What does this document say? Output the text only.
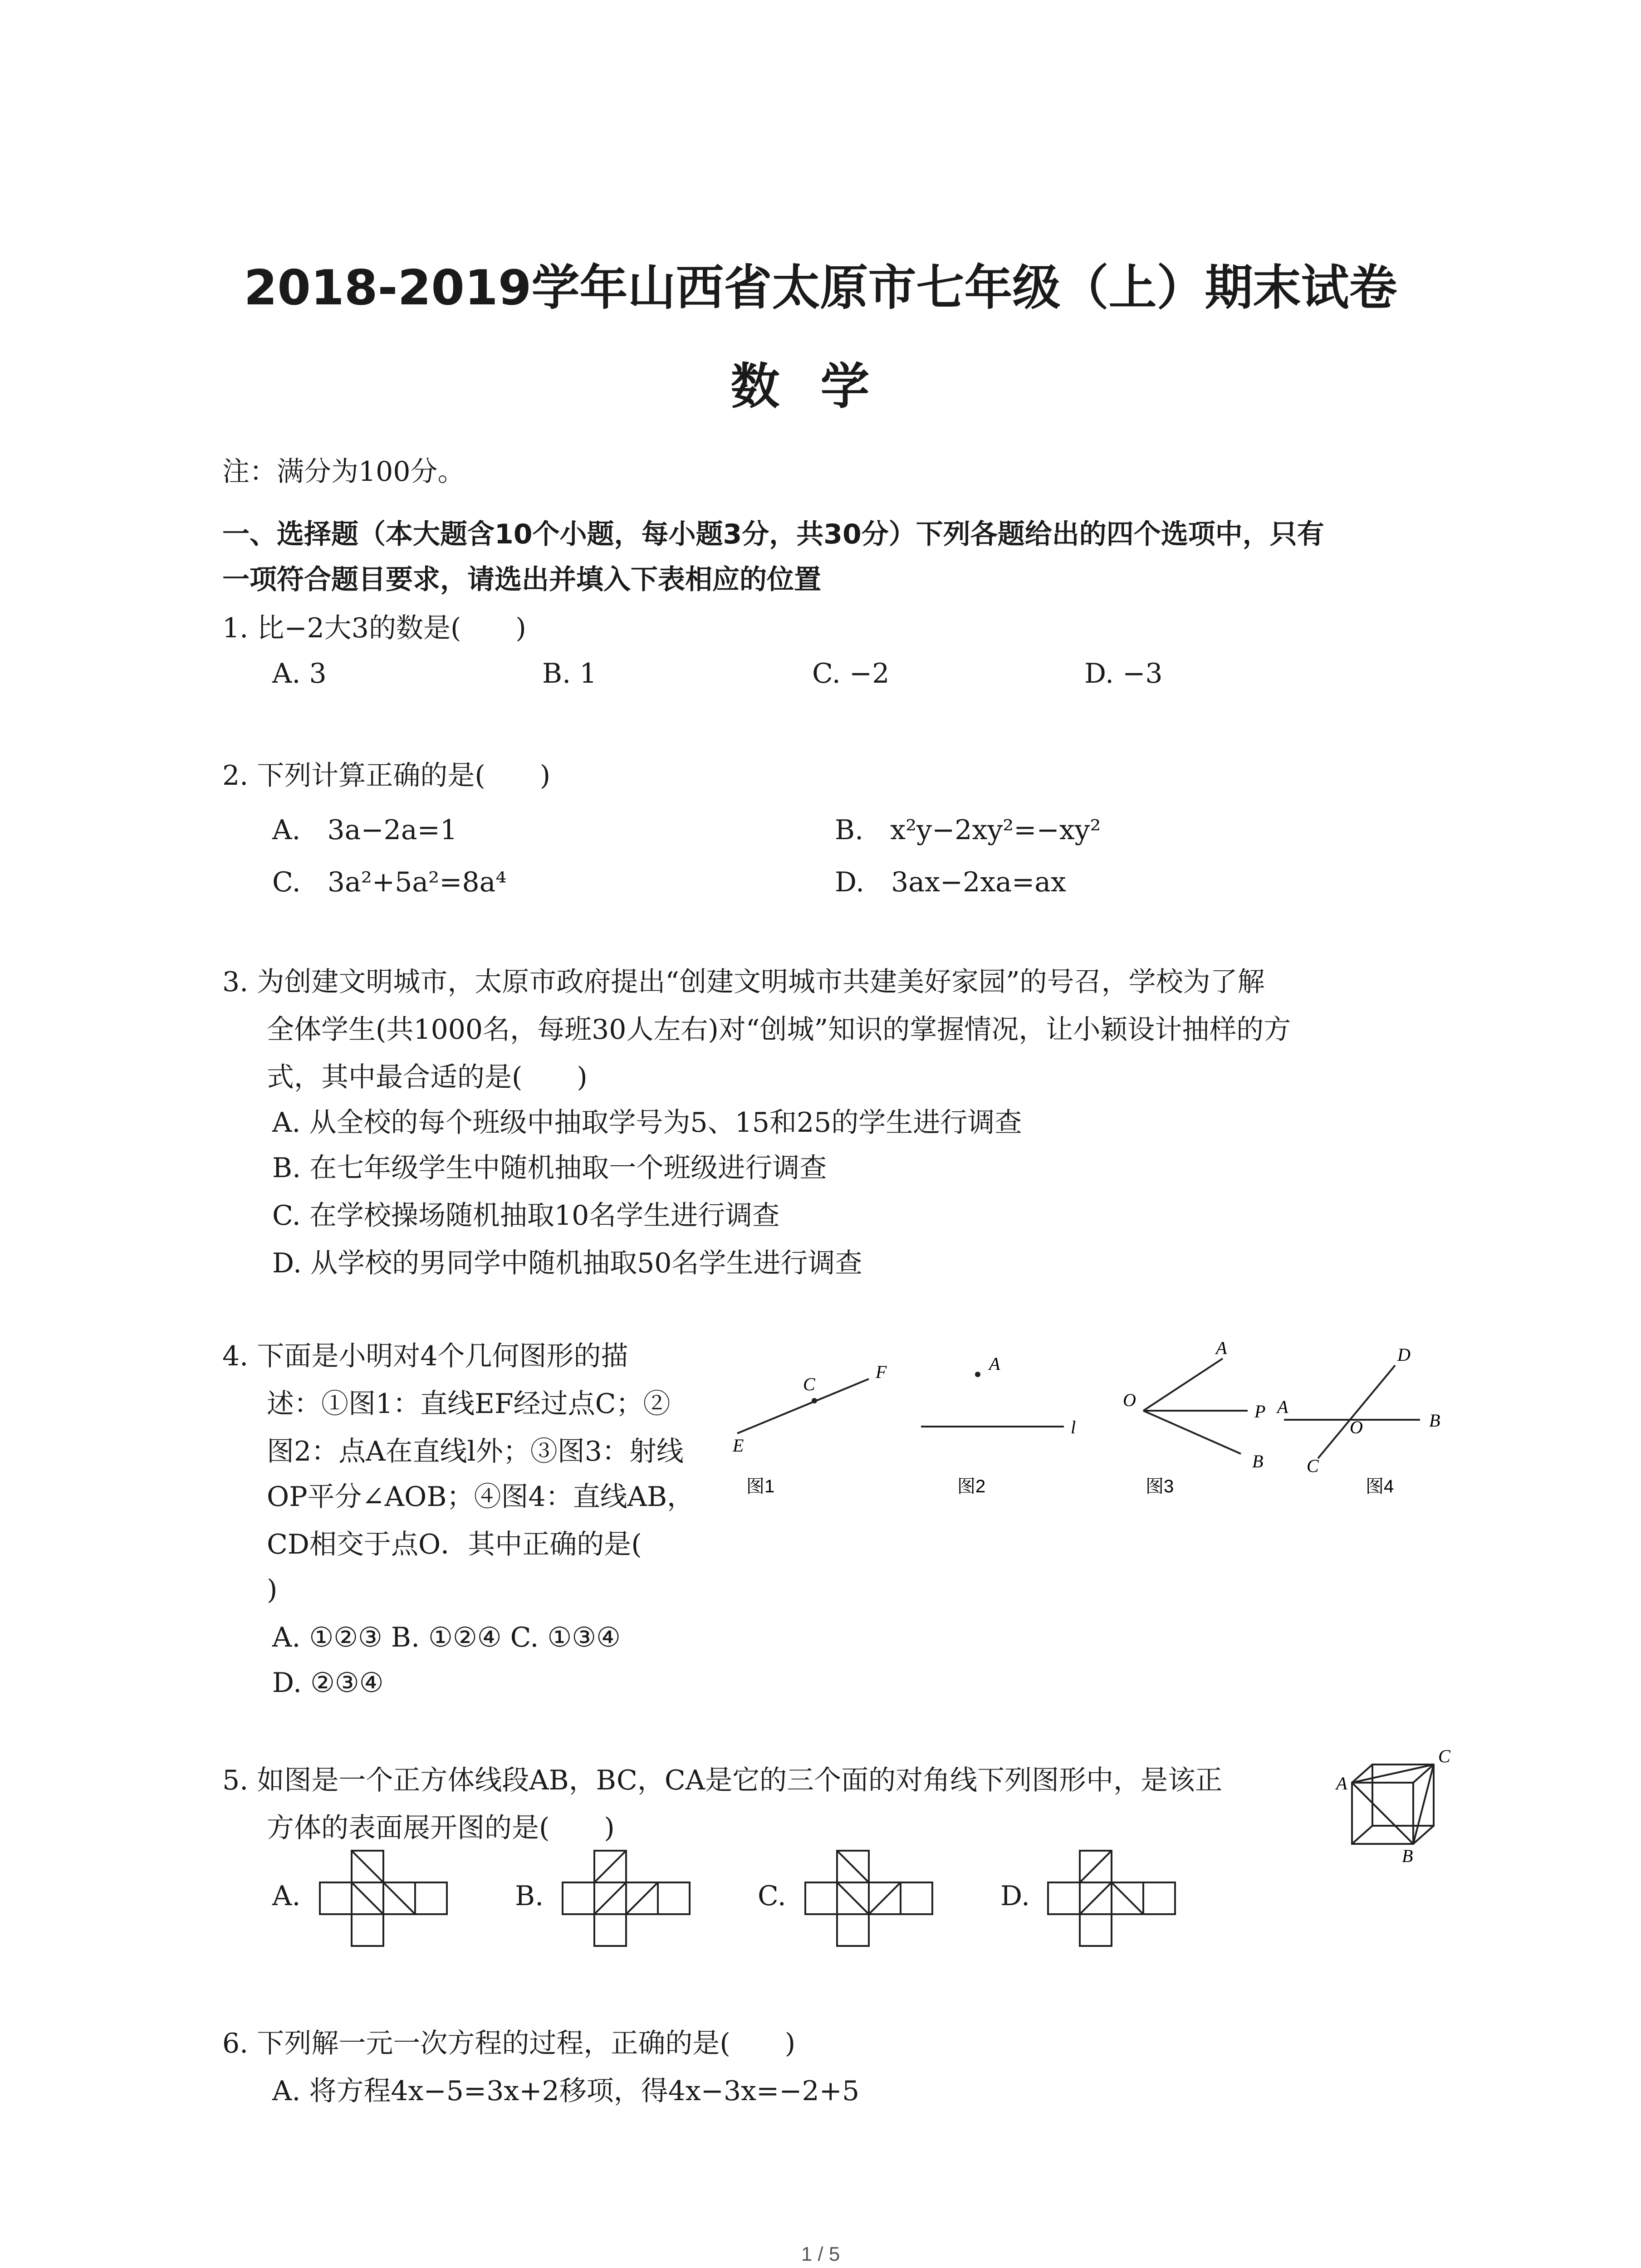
2018-2019学年山西省太原市七年级（上）期末试卷
数学
注：满分为100分。
一、选择题（本大题含10个小题，每小题3分，共30分）下列各题给出的四个选项中，只有
一项符合题目要求，请选出并填入下表相应的位置
1. 比−2大3的数是(　　)
A. 3	B. 1	C. −2	D. −3
2. 下列计算正确的是(　　)
A. 3a−2a=1	B. x²y−2xy²=−xy²
C. 3a²+5a²=8a⁴	D. 3ax−2xa=ax
3. 为创建文明城市，太原市政府提出“创建文明城市共建美好家园”的号召，学校为了解
全体学生(共1000名，每班30人左右)对“创城”知识的掌握情况，让小颖设计抽样的方
式，其中最合适的是(　　)
A. 从全校的每个班级中抽取学号为5、15和25的学生进行调查
B. 在七年级学生中随机抽取一个班级进行调查
C. 在学校操场随机抽取10名学生进行调查
D. 从学校的男同学中随机抽取50名学生进行调查
4. 下面是小明对4个几何图形的描
述：①图1：直线EF经过点C；②
图2：点A在直线l外；③图3：射线
OP平分∠AOB；④图4：直线AB，
CD相交于点O．其中正确的是(
)
A. ①②③ B. ①②④ C. ①③④
D. ②③④
C
F
E
图1
A
l
图2
A
O
P
B
图3
D
A
O	B
C
图4
5. 如图是一个正方体线段AB，BC，CA是它的三个面的对角线下列图形中，是该正
方体的表面展开图的是(　　)
A
B
C
A.	B.	C.	D.
6. 下列解一元一次方程的过程，正确的是(　　)
A. 将方程4x−5=3x+2移项，得4x−3x=−2+5
1 / 5
